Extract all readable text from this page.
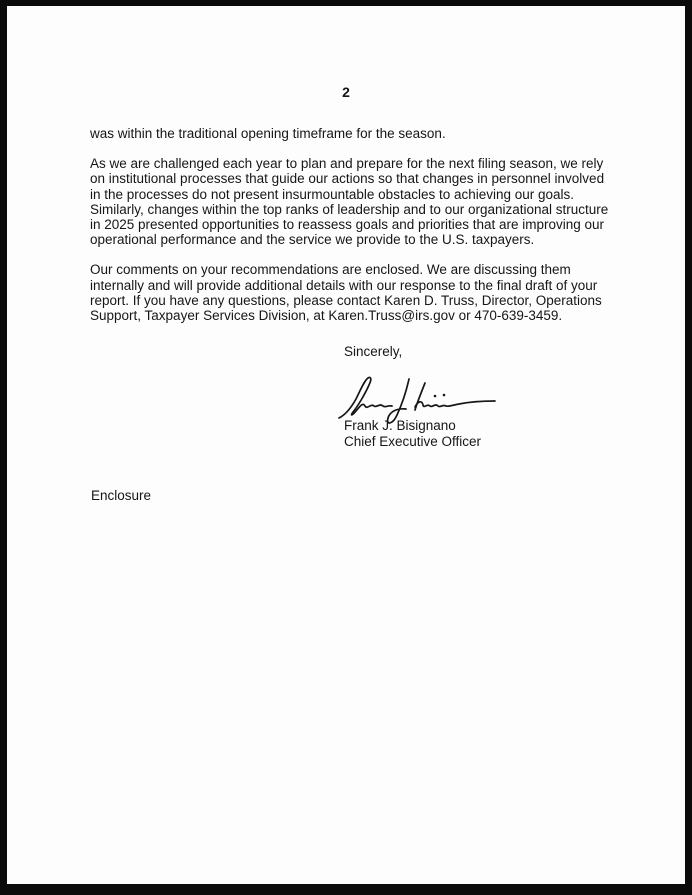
2
was within the traditional opening timeframe for the season.
As we are challenged each year to plan and prepare for the next filing season, we rely
on institutional processes that guide our actions so that changes in personnel involved
in the processes do not present insurmountable obstacles to achieving our goals.
Similarly, changes within the top ranks of leadership and to our organizational structure
in 2025 presented opportunities to reassess goals and priorities that are improving our
operational performance and the service we provide to the U.S. taxpayers.
Our comments on your recommendations are enclosed. We are discussing them
internally and will provide additional details with our response to the final draft of your
report. If you have any questions, please contact Karen D. Truss, Director, Operations
Support, Taxpayer Services Division, at Karen.Truss@irs.gov or 470-639-3459.
Sincerely,
Frank J. Bisignano
Chief Executive Officer
Enclosure
